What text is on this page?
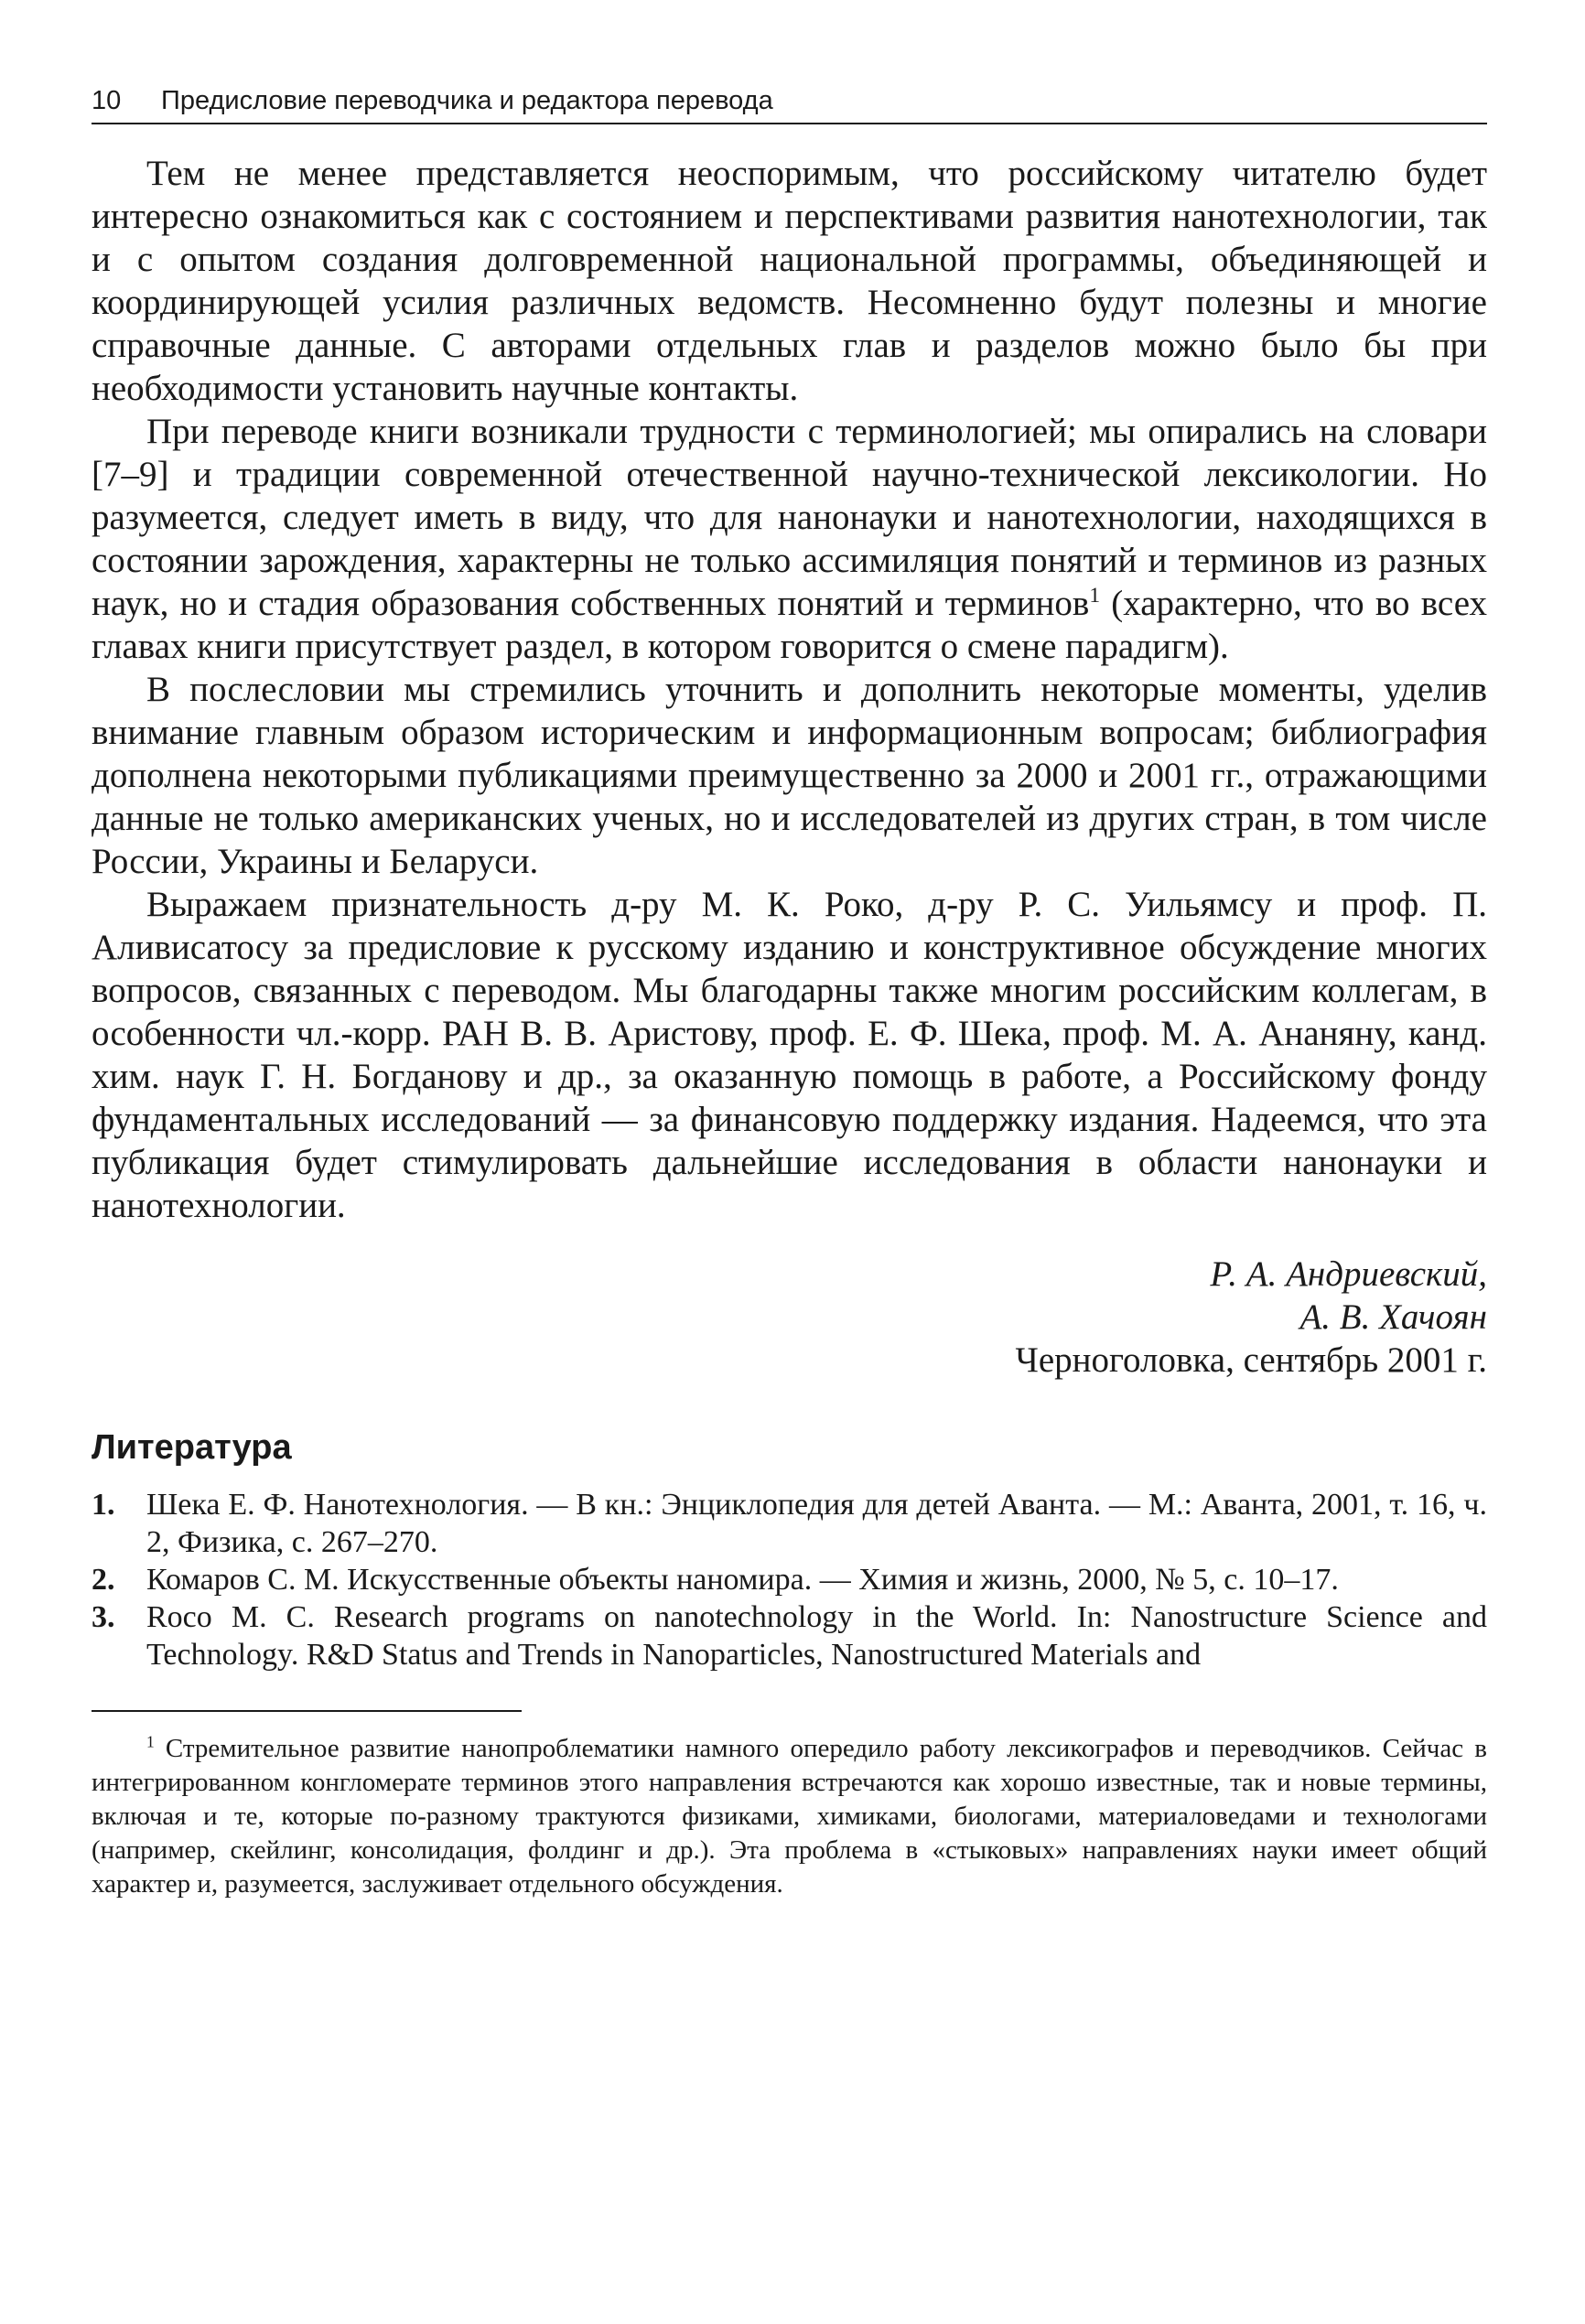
10 Предисловие переводчика и редактора перевода

Тем не менее представляется неоспоримым, что российскому читателю будет интересно ознакомиться как с состоянием и перспективами развития нанотехнологии, так и с опытом создания долговременной национальной программы, объединяющей и координирующей усилия различных ведомств. Несомненно будут полезны и многие справочные данные. С авторами отдельных глав и разделов можно было бы при необходимости установить научные контакты.

При переводе книги возникали трудности с терминологией; мы опирались на словари [7–9] и традиции современной отечественной научно-технической лексикологии. Но разумеется, следует иметь в виду, что для нанонауки и нанотехнологии, находящихся в состоянии зарождения, характерны не только ассимиляция понятий и терминов из разных наук, но и стадия образования собственных понятий и терминов$^1$ (характерно, что во всех главах книги присутствует раздел, в котором говорится о смене парадигм).

В послесловии мы стремились уточнить и дополнить некоторые моменты, уделив внимание главным образом историческим и информационным вопросам; библиография дополнена некоторыми публикациями преимущественно за 2000 и 2001 гг., отражающими данные не только американских ученых, но и исследователей из других стран, в том числе России, Украины и Беларуси.

Выражаем признательность д-ру М. К. Роко, д-ру Р. С. Уильямсу и проф. П. Аливисатосу за предисловие к русскому изданию и конструктивное обсуждение многих вопросов, связанных с переводом. Мы благодарны также многим российским коллегам, в особенности чл.-корр. РАН В. В. Аристову, проф. Е. Ф. Шека, проф. М. А. Ананяну, канд. хим. наук Г. Н. Богданову и др., за оказанную помощь в работе, а Российскому фонду фундаментальных исследований — за финансовую поддержку издания. Надеемся, что эта публикация будет стимулировать дальнейшие исследования в области нанонауки и нанотехнологии.

Р. А. Андриевский,
А. В. Хачоян
Черноголовка, сентябрь 2001 г.
Литература
1. Шека Е. Ф. Нанотехнология. — В кн.: Энциклопедия для детей Аванта. — М.: Аванта, 2001, т. 16, ч. 2, Физика, с. 267–270.
2. Комаров С. М. Искусственные объекты наномира. — Химия и жизнь, 2000, № 5, с. 10–17.
3. Roco M. C. Research programs on nanotechnology in the World. In: Nanostructure Science and Technology. R&D Status and Trends in Nanoparticles, Nanostructured Materials and
$^1$ Стремительное развитие нанопроблематики намного опередило работу лексикографов и переводчиков. Сейчас в интегрированном конгломерате терминов этого направления встречаются как хорошо известные, так и новые термины, включая и те, которые по-разному трактуются физиками, химиками, биологами, материаловедами и технологами (например, скейлинг, консолидация, фолдинг и др.). Эта проблема в «стыковых» направлениях науки имеет общий характер и, разумеется, заслуживает отдельного обсуждения.
